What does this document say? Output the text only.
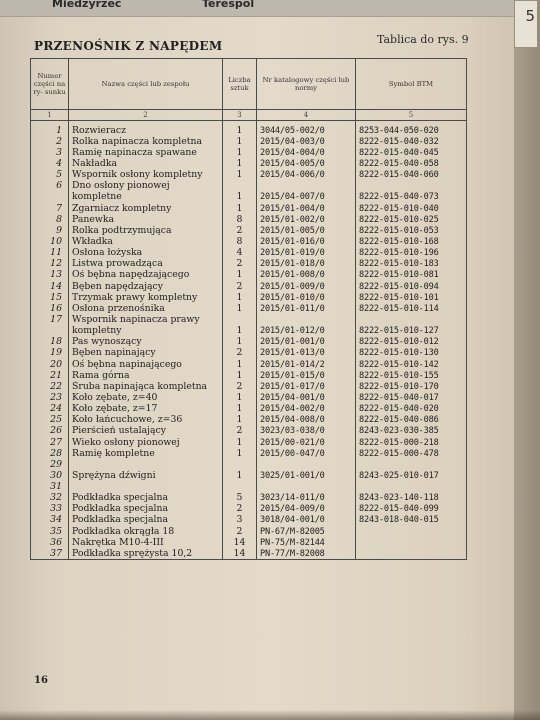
Miedzyrzec	Terespol
5
PRZENOŚNIK Z NAPĘDEM	Tablica do rys. 9
Numer części na ry- sunku	Nazwa części lub zespołu	Liczba sztuk	Nr katalogowy części lub normy	Symbol BTM
1	2	3	4	5

1	Rozwieracz	1	3044/05-002/0	8253-044-050-020
2	Rolka napinacza kompletna	1	2015/04-003/0	8222-015-040-032
3	Ramię napinacza spawane	1	2015/04-004/0	8222-015-040-045
4	Nakładka	1	2015/04-005/0	8222-015-040-058
5	Wspornik osłony kompletny	1	2015/04-006/0	8222-015-040-060
6	Dno osłony pionowej			
	kompletne	1	2015/04-007/0	8222-015-040-073
7	Zgarniacz kompletny	1	2015/01-004/0	8222-015-010-040
8	Panewka	8	2015/01-002/0	8222-015-010-025
9	Rolka podtrzymująca	2	2015/01-005/0	8222-015-010-053
10	Wkładka	8	2015/01-016/0	8222-015-010-168
11	Osłona łożyska	4	2015/01-019/0	8222-015-010-196
12	Listwa prowadząca	2	2015/01-018/0	8222-015-010-183
13	Oś bębna napędzającego	1	2015/01-008/0	8222-015-010-081
14	Bęben napędzający	2	2015/01-009/0	8222-015-010-094
15	Trzymak prawy kompletny	1	2015/01-010/0	8222-015-010-101
16	Osłona przenośnika	1	2015/01-011/0	8222-015-010-114
17	Wspornik napinacza prawy			
	kompletny	1	2015/01-012/0	8222-015-010-127
18	Pas wynoszący	1	2015/01-001/0	8222-015-010-012
19	Bęben napinający	2	2015/01-013/0	8222-015-010-130
20	Oś bębna napinającego	1	2015/01-014/2	8222-015-010-142
21	Rama górna	1	2015/01-015/0	8222-015-010-155
22	Śruba napinająca kompletna	2	2015/01-017/0	8222-015-010-170
23	Koło zębate, z=40	1	2015/04-001/0	8222-015-040-017
24	Koło zębate, z=17	1	2015/04-002/0	8222-015-040-020
25	Koło łańcuchowe, z=36	1	2015/04-008/0	8222-015-040-086
26	Pierścień ustalający	2	3023/03-038/0	8243-023-030-385
27	Wieko osłony pionowej	1	2015/00-021/0	8222-015-000-218
28	Ramię kompletne	1	2015/00-047/0	8222-015-000-478
29				
30	Sprężyna dźwigni	1	3025/01-001/0	8243-025-010-017
31				
32	Podkładka specjalna	5	3023/14-011/0	8243-023-140-118
33	Podkładka specjalna	2	2015/04-009/0	8222-015-040-099
34	Podkładka specjalna	3	3018/04-001/0	8243-018-040-015
35	Podkładka okrągła 18	2	PN-67/M-82005	
36	Nakrętka M10-4-III	14	PN-75/M-82144	
37	Podkładka sprężysta 10,2	14	PN-77/M-82008	
16
